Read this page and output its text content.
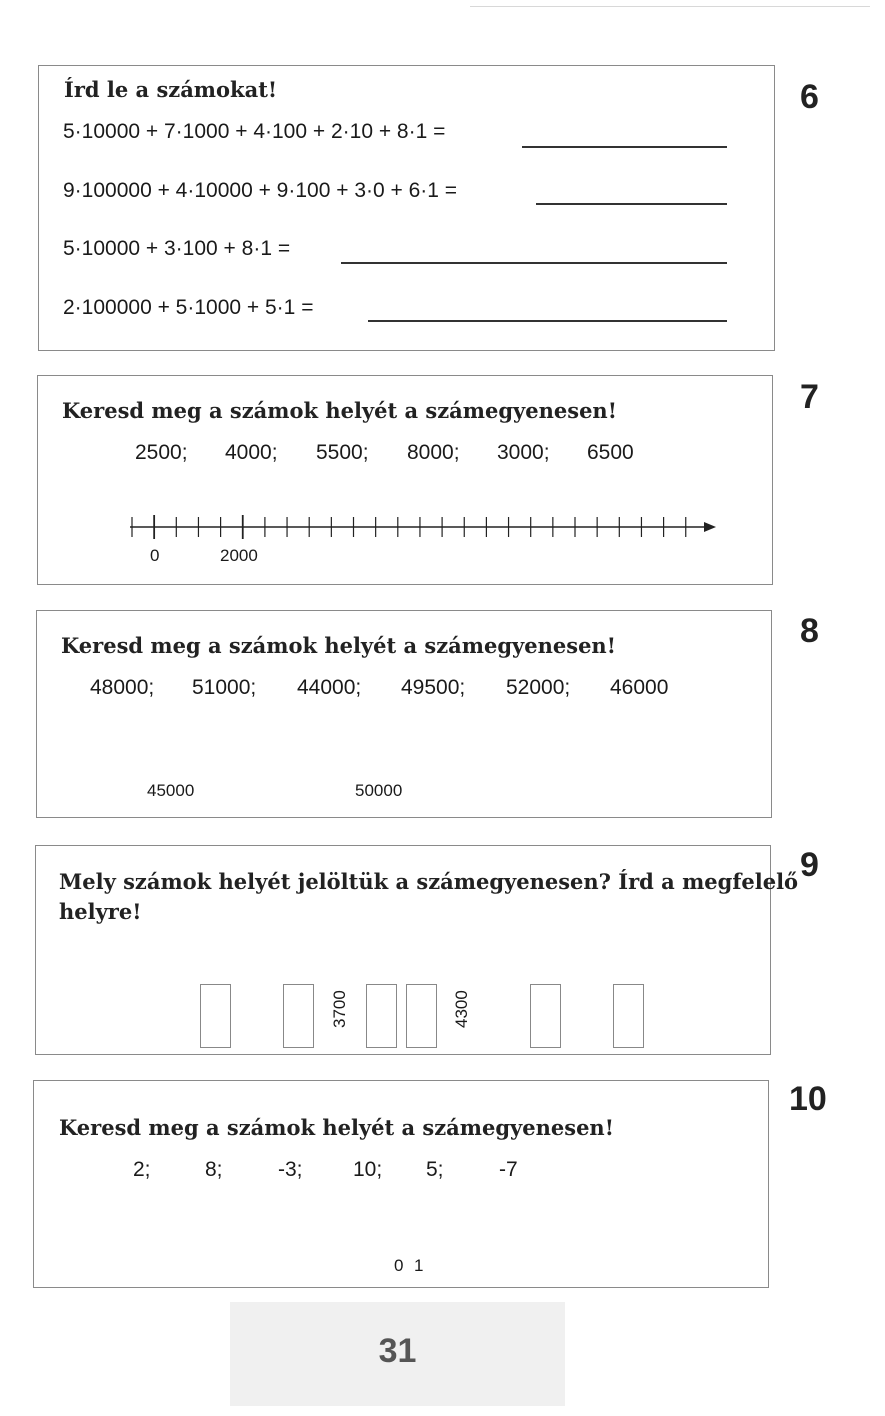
6
Írd le a számokat!
5·10000 + 7·1000 + 4·100 + 2·10 + 8·1 =
9·100000 + 4·10000 + 9·100 + 3·0 + 6·1 =
5·10000 + 3·100 + 8·1 =
2·100000 + 5·1000 + 5·1 =
7
Keresd meg a számok helyét a számegyenesen!
2500; 4000; 5500; 8000; 3000; 6500
0	2000
8
Keresd meg a számok helyét a számegyenesen!
48000; 51000; 44000; 49500; 52000; 46000
45000	50000
9
Mely számok helyét jelöltük a számegyenesen? Írd a megfelelő
helyre!
3700	4300
10
Keresd meg a számok helyét a számegyenesen!
2;	8;	-3; 10; 5;	-7
0 1
31
